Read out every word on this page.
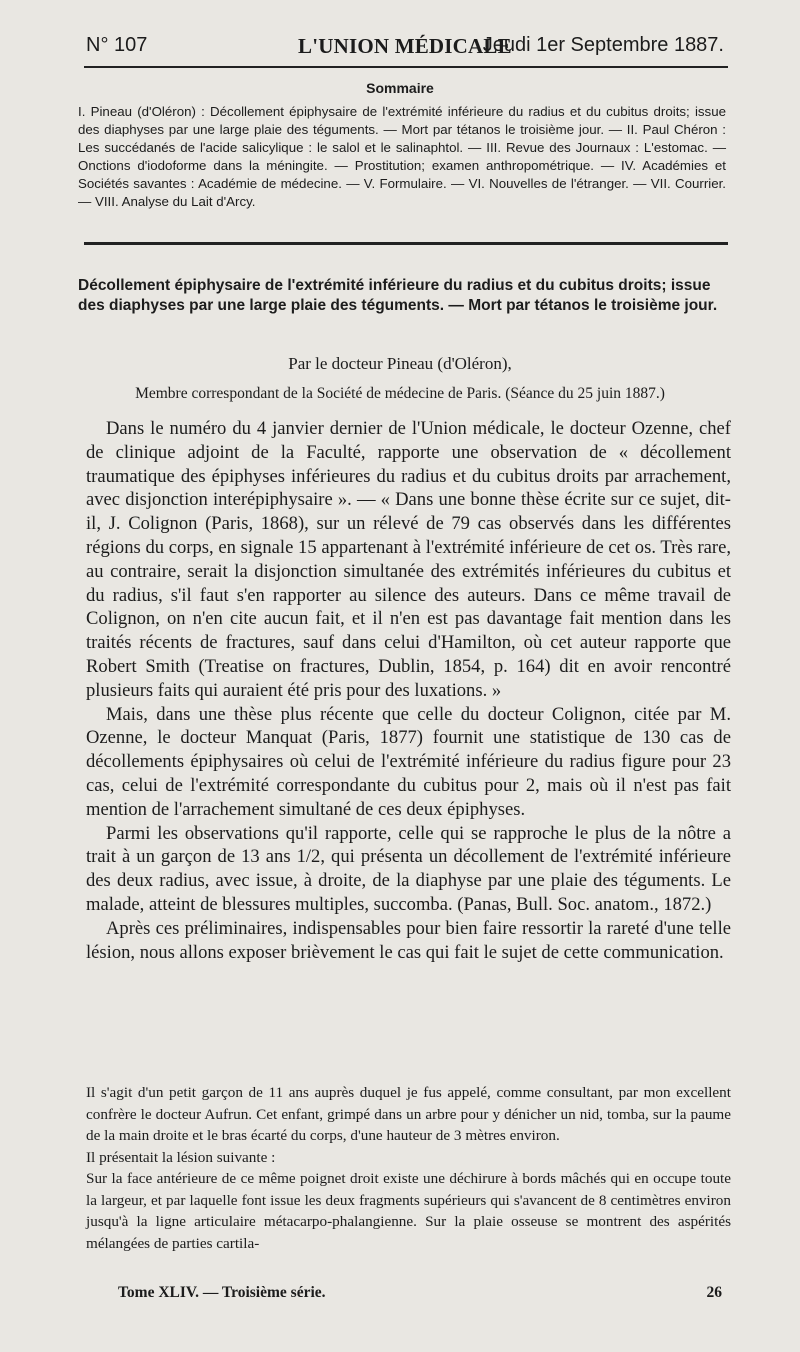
N° 107	L'UNION MÉDICALE
Jeudi 1er Septembre 1887.
Sommaire

I. Pineau (d'Oléron) : Décollement épiphysaire de l'extrémité inférieure du radius et du cubitus droits; issue des diaphyses par une large plaie des téguments. — Mort par tétanos le troisième jour. — II. Paul Chéron : Les succédanés de l'acide salicylique : le salol et le salinaphtol. — III. Revue des Journaux : L'estomac. — Onctions d'iodoforme dans la méningite. — Prostitution; examen anthropométrique. — IV. Académies et Sociétés savantes : Académie de médecine. — V. Formulaire. — VI. Nouvelles de l'étranger. — VII. Courrier. — VIII. Analyse du Lait d'Arcy.

Décollement épiphysaire de l'extrémité inférieure du radius et du cubitus droits; issue des diaphyses par une large plaie des téguments. — Mort par tétanos le troisième jour.
Par le docteur Pineau (d'Oléron),
Membre correspondant de la Société de médecine de Paris. (Séance du 25 juin 1887.)

Dans le numéro du 4 janvier dernier de l'Union médicale, le docteur Ozenne, chef de clinique adjoint de la Faculté, rapporte une observation de « décollement traumatique des épiphyses inférieures du radius et du cubitus droits par arrachement, avec disjonction interépiphysaire ». — « Dans une bonne thèse écrite sur ce sujet, dit-il, J. Colignon (Paris, 1868), sur un rélevé de 79 cas observés dans les différentes régions du corps, en signale 15 appartenant à l'extrémité inférieure de cet os. Très rare, au contraire, serait la disjonction simultanée des extrémités inférieures du cubitus et du radius, s'il faut s'en rapporter au silence des auteurs. Dans ce même travail de Colignon, on n'en cite aucun fait, et il n'en est pas davantage fait mention dans les traités récents de fractures, sauf dans celui d'Hamilton, où cet auteur rapporte que Robert Smith (Treatise on fractures, Dublin, 1854, p. 164) dit en avoir rencontré plusieurs faits qui auraient été pris pour des luxations. »

Mais, dans une thèse plus récente que celle du docteur Colignon, citée par M. Ozenne, le docteur Manquat (Paris, 1877) fournit une statistique de 130 cas de décollements épiphysaires où celui de l'extrémité inférieure du radius figure pour 23 cas, celui de l'extrémité correspondante du cubitus pour 2, mais où il n'est pas fait mention de l'arrachement simultané de ces deux épiphyses.

Parmi les observations qu'il rapporte, celle qui se rapproche le plus de la nôtre a trait à un garçon de 13 ans 1/2, qui présenta un décollement de l'extrémité inférieure des deux radius, avec issue, à droite, de la diaphyse par une plaie des téguments. Le malade, atteint de blessures multiples, succomba. (Panas, Bull. Soc. anatom., 1872.)

Après ces préliminaires, indispensables pour bien faire ressortir la rareté d'une telle lésion, nous allons exposer brièvement le cas qui fait le sujet de cette communication.

Il s'agit d'un petit garçon de 11 ans auprès duquel je fus appelé, comme consultant, par mon excellent confrère le docteur Aufrun. Cet enfant, grimpé dans un arbre pour y dénicher un nid, tomba, sur la paume de la main droite et le bras écarté du corps, d'une hauteur de 3 mètres environ.

Il présentait la lésion suivante :

Sur la face antérieure de ce même poignet droit existe une déchirure à bords mâchés qui en occupe toute la largeur, et par laquelle font issue les deux fragments supérieurs qui s'avancent de 8 centimètres environ jusqu'à la ligne articulaire métacarpo-phalangienne. Sur la plaie osseuse se montrent des aspérités mélangées de parties cartila-

Tome XLIV. — Troisième série.	26
